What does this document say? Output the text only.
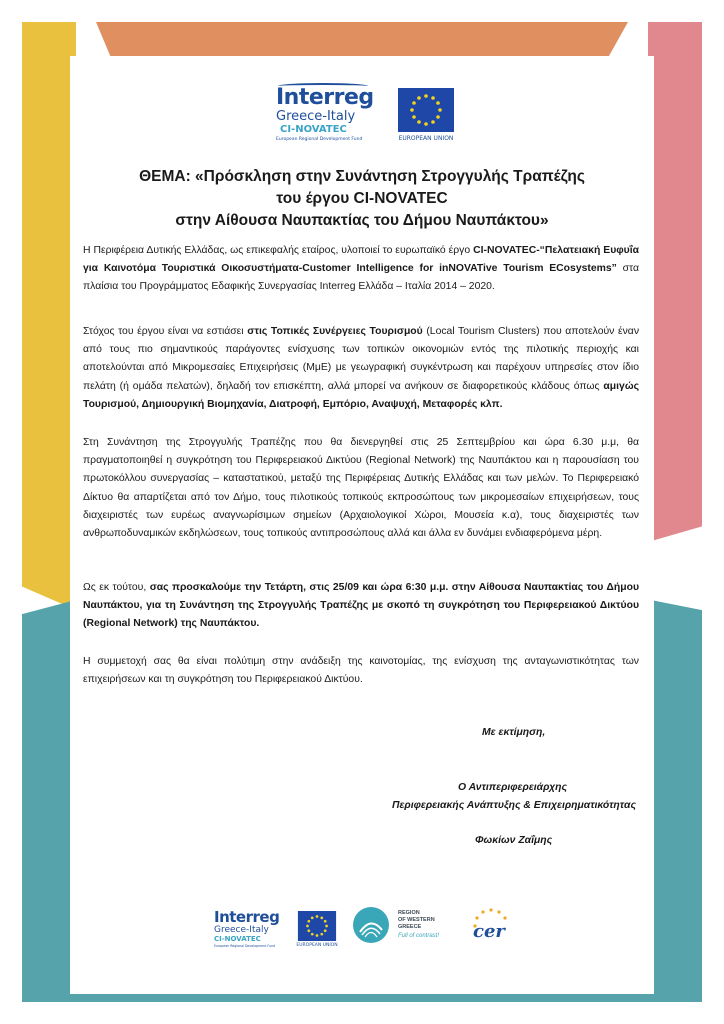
Interreg
Greece-Italy
CI-NOVATEC
European Regional Development Fund	EUROPEAN UNION
ΘΕΜΑ: «Πρόσκληση στην Συνάντηση Στρογγυλής Τραπέζης
του έργου CI-NOVATEC
στην Αίθουσα Ναυπακτίας του Δήμου Ναυπάκτου»
Η Περιφέρεια Δυτικής Ελλάδας, ως επικεφαλής εταίρος, υλοποιεί το ευρωπαϊκό έργο CI-NOVATEC-“Πελατειακή Ευφυΐα για Καινοτόμα Τουριστικά Οικοσυστήματα-Customer Intelligence for inNOVATive Tourism ECosystems” στα πλαίσια του Προγράμματος Εδαφικής Συνεργασίας Interreg Ελλάδα – Ιταλία 2014 – 2020.
Στόχος του έργου είναι να εστιάσει στις Τοπικές Συνέργειες Τουρισμού (Local Tourism Clusters) που αποτελούν έναν από τους πιο σημαντικούς παράγοντες ενίσχυσης των τοπικών οικονομιών εντός της πιλοτικής περιοχής και αποτελούνται από Μικρομεσαίες Επιχειρήσεις (ΜμΕ) με γεωγραφική συγκέντρωση και παρέχουν υπηρεσίες στον ίδιο πελάτη (ή ομάδα πελατών), δηλαδή τον επισκέπτη, αλλά μπορεί να ανήκουν σε διαφορετικούς κλάδους όπως αμιγώς Τουρισμού, Δημιουργική Βιομηχανία, Διατροφή, Εμπόριο, Αναψυχή, Μεταφορές κλπ.
Στη Συνάντηση της Στρογγυλής Τραπέζης που θα διενεργηθεί στις 25 Σεπτεμβρίου και ώρα 6.30 μ.μ, θα πραγματοποιηθεί η συγκρότηση του Περιφερειακού Δικτύου (Regional Network) της Ναυπάκτου και η παρουσίαση του πρωτοκόλλου συνεργασίας – καταστατικού, μεταξύ της Περιφέρειας Δυτικής Ελλάδας και των μελών. Το Περιφερειακό Δίκτυο θα απαρτίζεται από τον Δήμο, τους πιλοτικούς τοπικούς εκπροσώπους των μικρομεσαίων επιχειρήσεων, τους διαχειριστές των ευρέως αναγνωρίσιμων σημείων (Αρχαιολογικοί Χώροι, Μουσεία κ.α), τους διαχειριστές των ανθρωποδυναμικών εκδηλώσεων, τους τοπικούς αντιπροσώπους αλλά και άλλα εν δυνάμει ενδιαφερόμενα μέρη.
Ως εκ τούτου, σας προσκαλούμε την Τετάρτη, στις 25/09 και ώρα 6:30 μ.μ. στην Αίθουσα Ναυπακτίας του Δήμου Ναυπάκτου, για τη Συνάντηση της Στρογγυλής Τραπέζης με σκοπό τη συγκρότηση του Περιφερειακού Δικτύου (Regional Network) της Ναυπάκτου.
Η συμμετοχή σας θα είναι πολύτιμη στην ανάδειξη της καινοτομίας, της ενίσχυση της ανταγωνιστικότητας των επιχειρήσεων και τη συγκρότηση του Περιφερειακού Δικτύου.
Με εκτίμηση,
Ο Αντιπεριφερειάρχης
Περιφερειακής Ανάπτυξης & Επιχειρηματικότητας
Φωκίων Ζαΐμης
Interreg
Greece-Italy
CI-NOVATEC
European Regional Development Fund	EUROPEAN UNION
REGION
OF WESTERN
GREECE
Full of contrast! cer
